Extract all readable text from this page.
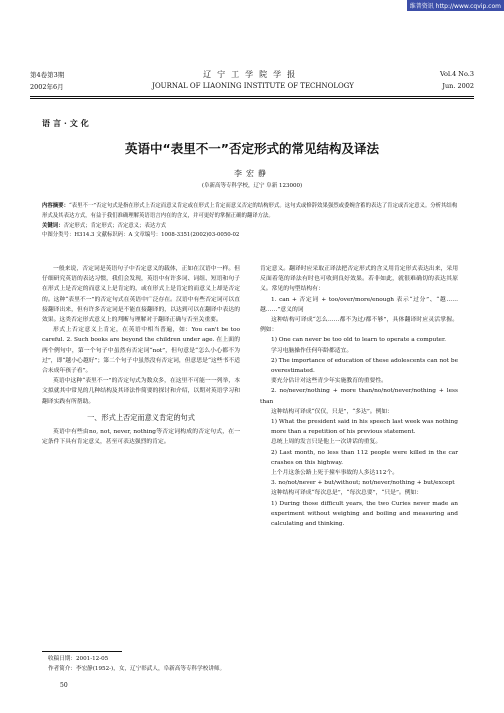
维普资讯 http://www.cqvip.com
第4卷第3期	辽宁工学院学报	Vol.4 No.3
2002年6月	JOURNAL OF LIAONING INSTITUTE OF TECHNOLOGY	Jun. 2002
语言·文化
英语中“表里不一”否定形式的常见结构及译法
李宏静
(阜新高等专科学校，辽宁 阜新 123000)

内容摘要：“表里不一”否定句式是指在形式上否定而意义肯定或在形式上肯定而意义否定的结构形式。这句式或修辞效果强烈或委婉含蓄的表达了肯定或否定意义。分析其结构形式及其表达方式，有益于我们准确理解英语语言内在的含义，并可更好的掌握正确的翻译方法。

关键词：否定形式；肯定形式；否定意义；表达方式

中图分类号：H314.3 文献标识码：A 文章编号：1008-3351(2002)03-0050-02

一般来说，否定词是英语句子中否定意义的载体，正如在汉语中一样。但仔细研究英语的表达习惯，我们会发现，英语中有许多词、词组、短语和句子在形式上是否定的而意义上是肯定的，或在形式上是肯定的而意义上却是否定的。这种“表里不一”的否定句式在英语中广泛存在。汉语中有些否定词可以直接翻译出来，但有许多否定词是不能直接翻译的，以达到可以在翻译中表达的效果。这类否定形式意义上的判断与理解对于翻译正确与否至关重要。

形式上否定意义上肯定，在英语中相当普遍，如：You can't be too careful. 2. Such books are beyond the children under age. 在上面的两个例句中，第一个句子中虽然有否定词“not”，但句意是“怎么小心都不为过”，即“越小心越好”；第二个句子中虽然没有否定词，但意思是“这些书不适合未成年孩子看”。

英语中这种“表里不一”的否定句式为数众多，在这里不可能一一列举，本文拟就其中常见的几种结构及其译法作简要的探讨和介绍，以期对英语学习和翻译实践有所帮助。

一、形式上否定而意义肯定的句式

英语中有些由no, not, never, nothing等否定词构成的否定句式，在一定条件下具有肯定意义，甚至可表达强烈的肯定。

肯定意义。翻译时应采取正译法把否定形式的含义用肯定形式表达出来，采用反面着笔的译法有时也可收到良好效果。若非如此，就很难确切的表达其原义。常见的句型结构有：

1. can + 否定词 + too/over/more/enough 表示“过分”、“越……越……”意义的词

这种结构可译成“怎么……都不为过/都不够”，具体翻译时应灵活掌握。例如：

1) One can never be too old to learn to operate a computer.

学习电脑操作任何年龄都适宜。

2) The importance of education of these adolescents can not be overestimated.

要充分估计对这些青少年实施教育的重要性。

2. no/never/nothing + more than/no/not/never/nothing + less than

这种结构可译成“仅仅，只是”，“多达”。例如：

1) What the president said in his speech last week was nothing more than a repetition of his previous statement.

总统上周的发言只是他上一次讲话的重复。

2) Last month, no less than 112 people were killed in the car crashes on this highway.

上个月这条公路上死于撞车事故的人多达112个。

3. no/not/never + but/without; not/never/nothing + but/except

这种结构可译成“每次总是”，“每次总要”，“只是”。例如：

1) During those difficult years, the two Curies never made an experiment without weighing and boiling and measuring and calculating and thinking.

收稿日期：2001-12-05
作者简介：李宏静(1952-)，女，辽宁彰武人，阜新高等专科学校讲师。
50
